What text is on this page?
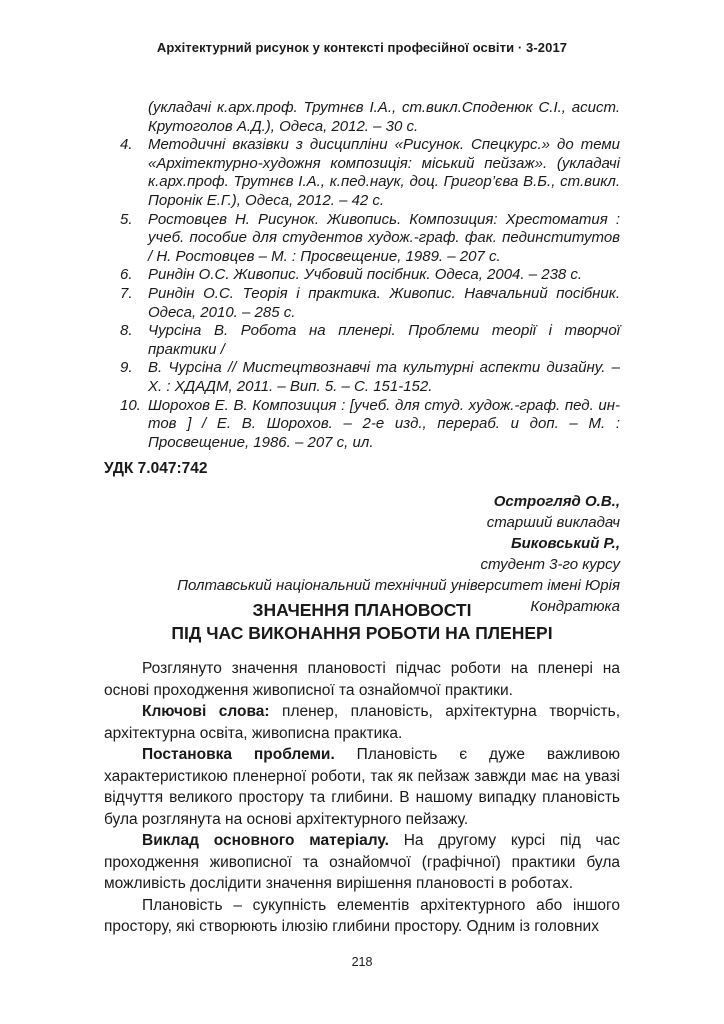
Архітектурний рисунок у контексті професійної освіти · 3-2017

(укладачі к.арх.проф. Трутнєв І.А., ст.викл.Споденюк С.І., асист. Крутоголов А.Д.), Одеса, 2012. – 30 с.

4. Методичні вказівки з дисципліни «Рисунок. Спецкурс.» до теми «Архітектурно-художня композиція: міський пейзаж». (укладачі к.арх.проф. Трутнєв І.А., к.пед.наук, доц. Григор’єва В.Б., ст.викл. Поронік Е.Г.), Одеса, 2012. – 42 с.

5. Ростовцев Н. Рисунок. Живопись. Композиция: Хрестоматия : учеб. пособие для студентов худож.-граф. фак. пединститутов / Н. Ростовцев – М. : Просвещение, 1989. – 207 с.

6. Риндін О.С. Живопис. Учбовий посібник. Одеса, 2004. – 238 с.

7. Риндін О.С. Теорія і практика. Живопис. Навчальний посібник. Одеса, 2010. – 285 с.

8. Чурсіна В. Робота на пленері. Проблеми теорії і творчої практики /

9. В. Чурсіна // Мистецтвознавчі та культурні аспекти дизайну. – Х. : ХДАДМ, 2011. – Вип. 5. – С. 151-152.

10. Шорохов Е. В. Композиция : [учеб. для студ. худож.-граф. пед. ин-тов ] / Е. В. Шорохов. – 2-е изд., перераб. и доп. – М. : Просвещение, 1986. – 207 с, ил.

УДК 7.047:742
Острогляд О.В.,
старший викладач
Биковський Р.,
студент 3-го курсу
Полтавський національний технічний університет імені Юрія Кондратюка
ЗНАЧЕННЯ ПЛАНОВОСТІ
ПІД ЧАС ВИКОНАННЯ РОБОТИ НА ПЛЕНЕРІ

Розглянуто значення плановості підчас роботи на пленері на основі проходження живописної та ознайомчої практики.

Ключові слова: пленер, плановість, архітектурна творчість, архітектурна освіта, живописна практика.

Постановка проблеми. Плановість є дуже важливою характеристикою пленерної роботи, так як пейзаж завжди має на увазі відчуття великого простору та глибини. В нашому випадку плановість була розглянута на основі архітектурного пейзажу.

Виклад основного матеріалу. На другому курсі під час проходження живописної та ознайомчої (графічної) практики була можливість дослідити значення вирішення плановості в роботах.

Плановість – сукупність елементів архітектурного або іншого простору, які створюють ілюзію глибини простору. Одним із головних

218
